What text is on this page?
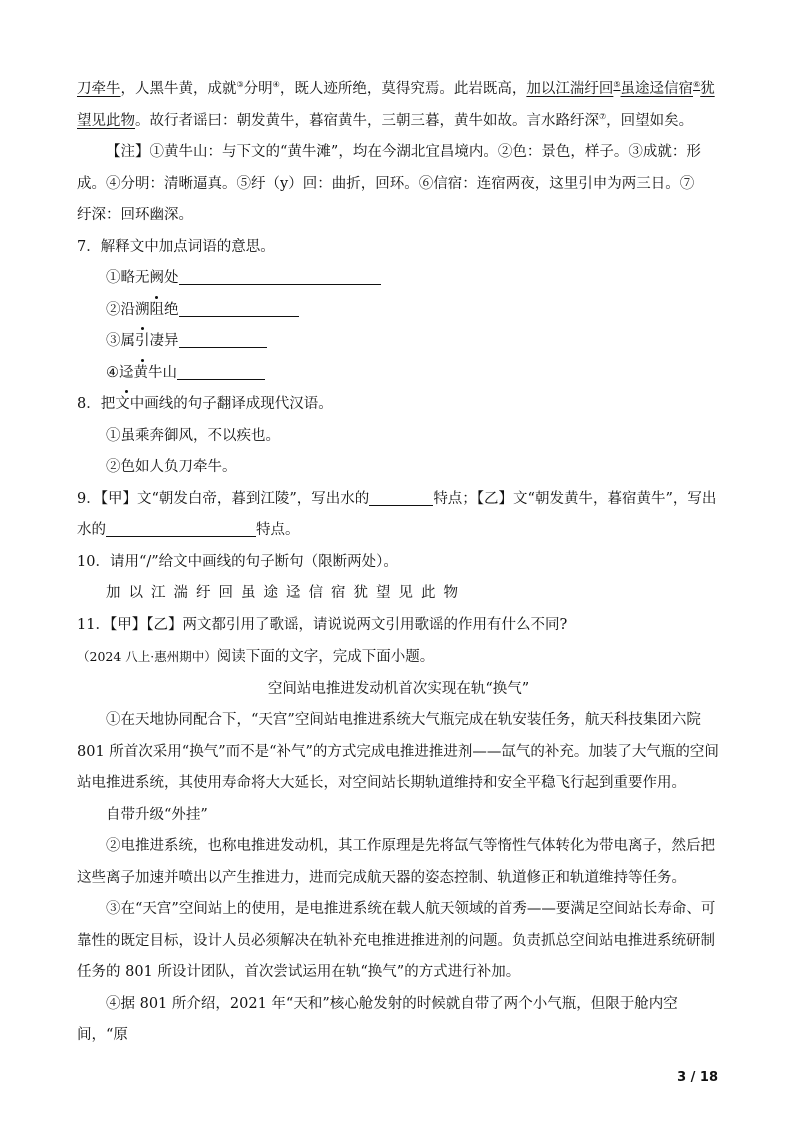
刀牵牛，人黑牛黄，成就③分明④，既人迹所绝，莫得究焉。此岩既高，加以江湍纡回⑤虽途迳信宿⑥犹

望见此物。故行者谣曰：朝发黄牛，暮宿黄牛，三朝三暮，黄牛如故。言水路纡深⑦，回望如矣。

【注】①黄牛山：与下文的“黄牛滩”，均在今湖北宜昌境内。②色：景色，样子。③成就：形

成。④分明：清晰逼真。⑤纡（y）回：曲折，回环。⑥信宿：连宿两夜，这里引申为两三日。⑦

纡深：回环幽深。

7．解释文中加点词语的意思。

①略无阙处

②沿溯阻绝

③属引凄异

④迳黄牛山

8．把文中画线的句子翻译成现代汉语。

①虽乘奔御风，不以疾也。

②色如人负刀牵牛。

9．【甲】文“朝发白帝，暮到江陵”，写出水的	特点；【乙】文“朝发黄牛，暮宿黄牛”，写出

水的	特点。

10．请用“/”给文中画线的句子断句（限断两处）。

加以江湍纡回虽途迳信宿犹望见此物

11．【甲】【乙】两文都引用了歌谣，请说说两文引用歌谣的作用有什么不同?

（2024 八上·惠州期中）阅读下面的文字，完成下面小题。

空间站电推进发动机首次实现在轨“换气”

①在天地协同配合下，“天宫”空间站电推进系统大气瓶完成在轨安装任务，航天科技集团六院

801 所首次采用“换气”而不是“补气”的方式完成电推进推进剂——氙气的补充。加装了大气瓶的空间

站电推进系统，其使用寿命将大大延长，对空间站长期轨道维持和安全平稳飞行起到重要作用。

自带升级“外挂”

②电推进系统，也称电推进发动机，其工作原理是先将氙气等惰性气体转化为带电离子，然后把

这些离子加速并喷出以产生推进力，进而完成航天器的姿态控制、轨道修正和轨道维持等任务。

③在“天宫”空间站上的使用，是电推进系统在载人航天领域的首秀——要满足空间站长寿命、可

靠性的既定目标，设计人员必须解决在轨补充电推进推进剂的问题。负责抓总空间站电推进系统研制

任务的 801 所设计团队，首次尝试运用在轨“换气”的方式进行补加。

④据 801 所介绍，2021 年“天和”核心舱发射的时候就自带了两个小气瓶，但限于舱内空间，“原

3 / 18
